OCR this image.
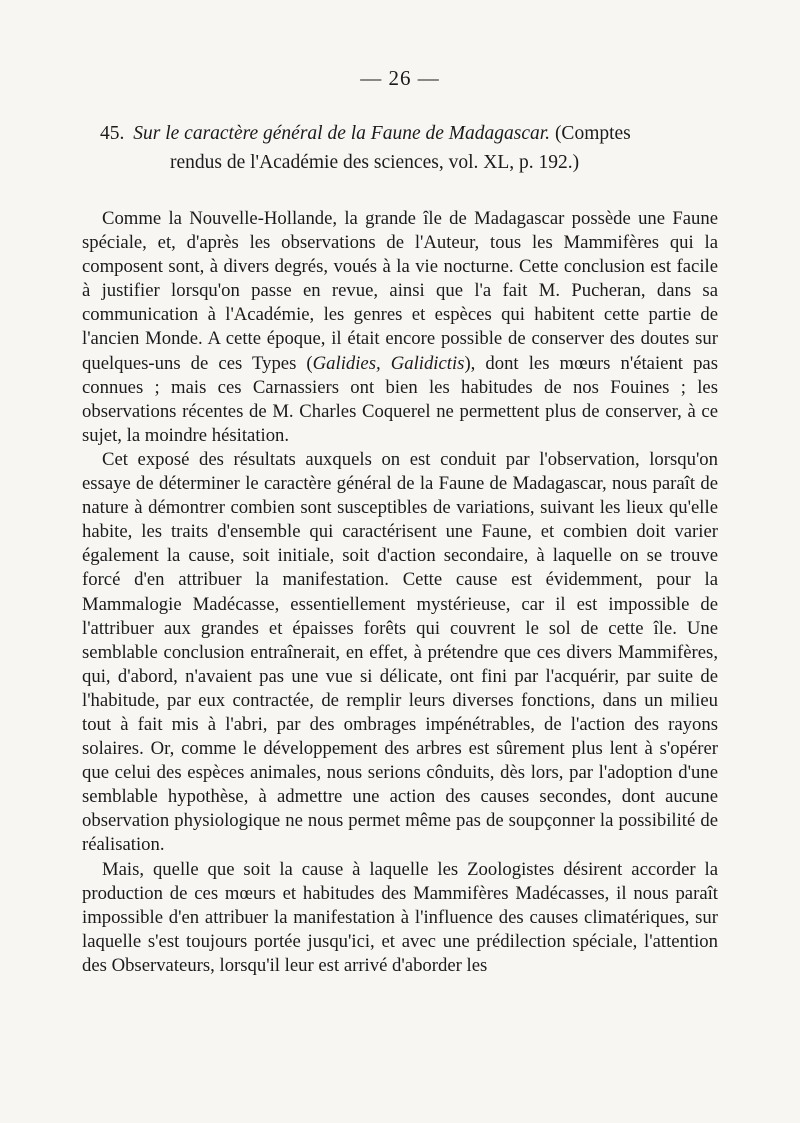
— 26 —
45. Sur le caractère général de la Faune de Madagascar. (Comptes
rendus de l'Académie des sciences, vol. XL, p. 192.)

Comme la Nouvelle-Hollande, la grande île de Madagascar possède une Faune spéciale, et, d'après les observations de l'Auteur, tous les Mammifères qui la composent sont, à divers degrés, voués à la vie nocturne. Cette conclusion est facile à justifier lorsqu'on passe en revue, ainsi que l'a fait M. Pucheran, dans sa communication à l'Académie, les genres et espèces qui habitent cette partie de l'ancien Monde. A cette époque, il était encore possible de conserver des doutes sur quelques-uns de ces Types (Galidies, Galidictis), dont les mœurs n'étaient pas connues ; mais ces Carnassiers ont bien les habitudes de nos Fouines ; les observations récentes de M. Charles Coquerel ne permettent plus de conserver, à ce sujet, la moindre hésitation.

Cet exposé des résultats auxquels on est conduit par l'observation, lorsqu'on essaye de déterminer le caractère général de la Faune de Madagascar, nous paraît de nature à démontrer combien sont susceptibles de variations, suivant les lieux qu'elle habite, les traits d'ensemble qui caractérisent une Faune, et combien doit varier également la cause, soit initiale, soit d'action secondaire, à laquelle on se trouve forcé d'en attribuer la manifestation. Cette cause est évidemment, pour la Mammalogie Madécasse, essentiellement mystérieuse, car il est impossible de l'attribuer aux grandes et épaisses forêts qui couvrent le sol de cette île. Une semblable conclusion entraînerait, en effet, à prétendre que ces divers Mammifères, qui, d'abord, n'avaient pas une vue si délicate, ont fini par l'acquérir, par suite de l'habitude, par eux contractée, de remplir leurs diverses fonctions, dans un milieu tout à fait mis à l'abri, par des ombrages impénétrables, de l'action des rayons solaires. Or, comme le développement des arbres est sûrement plus lent à s'opérer que celui des espèces animales, nous serions cônduits, dès lors, par l'adoption d'une semblable hypothèse, à admettre une action des causes secondes, dont aucune observation physiologique ne nous permet même pas de soupçonner la possibilité de réalisation.

Mais, quelle que soit la cause à laquelle les Zoologistes désirent accorder la production de ces mœurs et habitudes des Mammifères Madécasses, il nous paraît impossible d'en attribuer la manifestation à l'influence des causes climatériques, sur laquelle s'est toujours portée jusqu'ici, et avec une prédilection spéciale, l'attention des Observateurs, lorsqu'il leur est arrivé d'aborder les
